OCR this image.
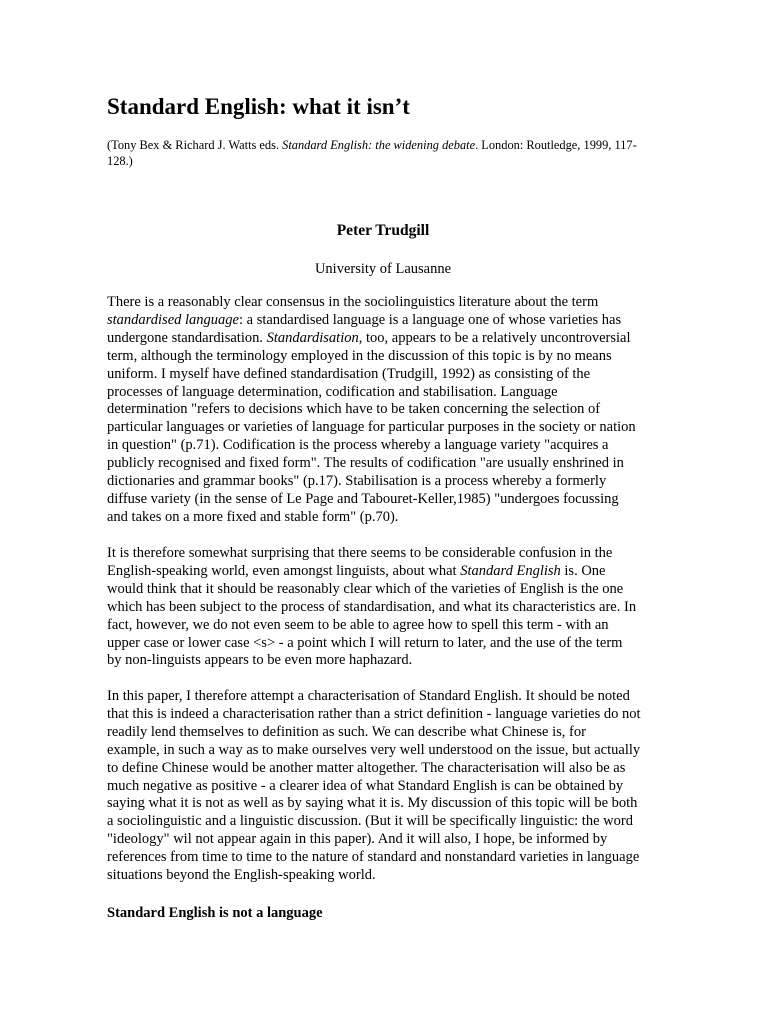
Standard English: what it isn’t

(Tony Bex & Richard J. Watts eds. Standard English: the widening debate. London: Routledge, 1999, 117-128.)

Peter Trudgill

University of Lausanne

There is a reasonably clear consensus in the sociolinguistics literature about the term
standardised language: a standardised language is a language one of whose varieties has
undergone standardisation. Standardisation, too, appears to be a relatively uncontroversial
term, although the terminology employed in the discussion of this topic is by no means
uniform. I myself have defined standardisation (Trudgill, 1992) as consisting of the
processes of language determination, codification and stabilisation. Language
determination "refers to decisions which have to be taken concerning the selection of
particular languages or varieties of language for particular purposes in the society or nation
in question" (p.71). Codification is the process whereby a language variety "acquires a
publicly recognised and fixed form". The results of codification "are usually enshrined in
dictionaries and grammar books" (p.17). Stabilisation is a process whereby a formerly
diffuse variety (in the sense of Le Page and Tabouret-Keller,1985) "undergoes focussing
and takes on a more fixed and stable form" (p.70).
It is therefore somewhat surprising that there seems to be considerable confusion in the
English-speaking world, even amongst linguists, about what Standard English is. One
would think that it should be reasonably clear which of the varieties of English is the one
which has been subject to the process of standardisation, and what its characteristics are. In
fact, however, we do not even seem to be able to agree how to spell this term - with an
upper case or lower case <s> - a point which I will return to later, and the use of the term
by non-linguists appears to be even more haphazard.
In this paper, I therefore attempt a characterisation of Standard English. It should be noted
that this is indeed a characterisation rather than a strict definition - language varieties do not
readily lend themselves to definition as such. We can describe what Chinese is, for
example, in such a way as to make ourselves very well understood on the issue, but actually
to define Chinese would be another matter altogether. The characterisation will also be as
much negative as positive - a clearer idea of what Standard English is can be obtained by
saying what it is not as well as by saying what it is. My discussion of this topic will be both
a sociolinguistic and a linguistic discussion. (But it will be specifically linguistic: the word
"ideology" wil not appear again in this paper). And it will also, I hope, be informed by
references from time to time to the nature of standard and nonstandard varieties in language
situations beyond the English-speaking world.
Standard English is not a language
